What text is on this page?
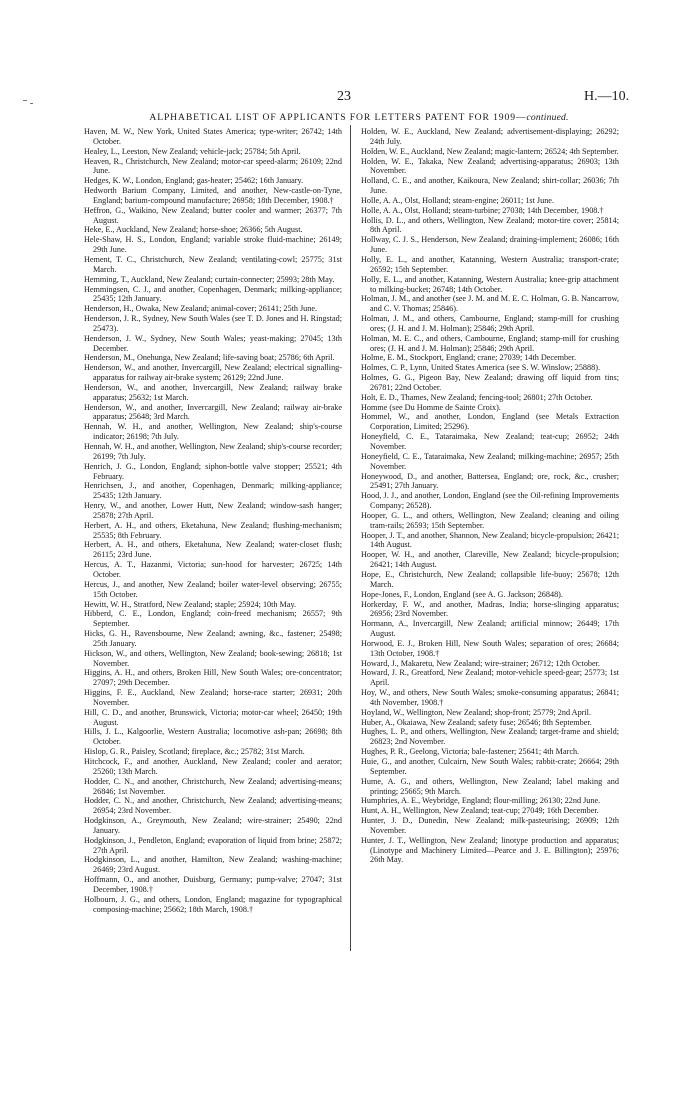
23	H.—10.
ALPHABETICAL LIST OF APPLICANTS FOR LETTERS PATENT FOR 1909—continued.

Haven, M. W., New York, United States America; type-writer; 26742; 14th October.

Healey, L., Leeston, New Zealand; vehicle-jack; 25784; 5th April.

Heaven, R., Christchurch, New Zealand; motor-car speed-alarm; 26109; 22nd June.

Hedges, K. W., London, England; gas-heater; 25462; 16th January.

Hedworth Barium Company, Limited, and another, New-castle-on-Tyne, England; barium-compound manufacture; 26958; 18th December, 1908.†

Heffron, G., Waikino, New Zealand; butter cooler and warmer; 26377; 7th August.

Heke, E., Auckland, New Zealand; horse-shoe; 26366; 5th August.

Hele-Shaw, H. S., London, England; variable stroke fluid-machine; 26149; 29th June.

Hement, T. C., Christchurch, New Zealand; ventilating-cowl; 25775; 31st March.

Hemming, T., Auckland, New Zealand; curtain-connecter; 25993; 28th May.

Hemmingsen, C. J., and another, Copenhagen, Denmark; milking-appliance; 25435; 12th January.

Henderson, H., Owaka, New Zealand; animal-cover; 26141; 25th June.

Henderson, J. R., Sydney, New South Wales (see T. D. Jones and H. Ringstad; 25473).

Henderson, J. W., Sydney, New South Wales; yeast-making; 27045; 13th December.

Henderson, M., Onehunga, New Zealand; life-saving boat; 25786; 6th April.

Henderson, W., and another, Invercargill, New Zealand; electrical signalling-apparatus for railway air-brake system; 26129; 22nd June.

Henderson, W., and another, Invercargill, New Zealand; railway brake apparatus; 25632; 1st March.

Henderson, W., and another, Invercargill, New Zealand; railway air-brake apparatus; 25648; 3rd March.

Hennah, W. H., and another, Wellington, New Zealand; ship's-course indicator; 26198; 7th July.

Hennah, W. H., and another, Wellington, New Zealand; ship's-course recorder; 26199; 7th July.

Henrich, J. G., London, England; siphon-bottle valve stopper; 25521; 4th February.

Henrichsen, J., and another, Copenhagen, Denmark; milking-appliance; 25435; 12th January.

Henry, W., and another, Lower Hutt, New Zealand; window-sash hanger; 25878; 27th April.

Herbert, A. H., and others, Eketahuna, New Zealand; flushing-mechanism; 25535; 8th February.

Herbert, A. H., and others, Eketahuna, New Zealand; water-closet flush; 26115; 23rd June.

Hercus, A. T., Hazanmi, Victoria; sun-hood for harvester; 26725; 14th October.

Hercus, J., and another, New Zealand; boiler water-level observing; 26755; 15th October.

Hewitt, W. H., Stratford, New Zealand; staple; 25924; 10th May.

Hibberd, C. E., London, England; coin-freed mechanism; 26557; 9th September.

Hicks, G. H., Ravensbourne, New Zealand; awning, &c., fastener; 25498; 25th January.

Hickson, W., and others, Wellington, New Zealand; book-sewing; 26818; 1st November.

Higgins, A. H., and others, Broken Hill, New South Wales; ore-concentrator; 27097; 29th December.

Higgins, F. E., Auckland, New Zealand; horse-race starter; 26931; 20th November.

Hill, C. D., and another, Brunswick, Victoria; motor-car wheel; 26450; 19th August.

Hills, J. L., Kalgoorlie, Western Australia; locomotive ash-pan; 26698; 8th October.

Hislop, G. R., Paisley, Scotland; fireplace, &c.; 25782; 31st March.

Hitchcock, F., and another, Auckland, New Zealand; cooler and aerator; 25260; 13th March.

Hodder, C. N., and another, Christchurch, New Zealand; advertising-means; 26846; 1st November.

Hodder, C. N., and another, Christchurch, New Zealand; advertising-means; 26954; 23rd November.

Hodgkinson, A., Greymouth, New Zealand; wire-strainer; 25490; 22nd January.

Hodgkinson, J., Pendleton, England; evaporation of liquid from brine; 25872; 27th April.

Hodgkinson, L., and another, Hamilton, New Zealand; washing-machine; 26469; 23rd August.

Hoffmann, O., and another, Duisburg, Germany; pump-valve; 27047; 31st December, 1908.†

Holbourn, J. G., and others, London, England; magazine for typographical composing-machine; 25662; 18th March, 1908.†

Holden, W. E., Auckland, New Zealand; advertisement-displaying; 26292; 24th July.

Holden, W. E., Auckland, New Zealand; magic-lantern; 26524; 4th September.

Holden, W. E., Takaka, New Zealand; advertising-apparatus; 26903; 13th November.

Holland, C. E., and another, Kaikoura, New Zealand; shirt-collar; 26036; 7th June.

Holle, A. A., Olst, Holland; steam-engine; 26011; 1st June.

Holle, A. A., Olst, Holland; steam-turbine; 27038; 14th December, 1908.†

Hollis, D. L., and others, Wellington, New Zealand; motor-tire cover; 25814; 8th April.

Hollway, C. J. S., Henderson, New Zealand; draining-implement; 26086; 16th June.

Holly, E. L., and another, Katanning, Western Australia; transport-crate; 26592; 15th September.

Holly, E. L., and another, Katanning, Western Australia; knee-grip attachment to milking-bucket; 26748; 14th October.

Holman, J. M., and another (see J. M. and M. E. C. Holman, G. B. Nancarrow, and C. V. Thomas; 25846).

Holman, J. M., and others, Cambourne, England; stamp-mill for crushing ores; (J. H. and J. M. Holman); 25846; 29th April.

Holman, M. E. C., and others, Cambourne, England; stamp-mill for crushing ores; (J. H. and J. M. Holman); 25846; 29th April.

Holme, E. M., Stockport, England; crane; 27039; 14th December.

Holmes, C. P., Lynn, United States America (see S. W. Winslow; 25888).

Holmes, G. G., Pigeon Bay, New Zealand; drawing off liquid from tins; 26781; 22nd October.

Holt, E. D., Thames, New Zealand; fencing-tool; 26801; 27th October.

Homme (see Du Homme de Sainte Croix).

Hommel, W., and another, London, England (see Metals Extraction Corporation, Limited; 25296).

Honeyfield, C. E., Tataraimaka, New Zealand; teat-cup; 26952; 24th November.

Honeyfield, C. E., Tataraimaka, New Zealand; milking-machine; 26957; 25th November.

Honeywood, D., and another, Battersea, England; ore, rock, &c., crusher; 25491; 27th January.

Hood, J. J., and another, London, England (see the Oil-refining Improvements Company; 26528).

Hooper, G. L., and others, Wellington, New Zealand; cleaning and oiling tram-rails; 26593; 15th September.

Hooper, J. T., and another, Shannon, New Zealand; bicycle-propulsion; 26421; 14th August.

Hooper, W. H., and another, Clareville, New Zealand; bicycle-propulsion; 26421; 14th August.

Hope, E., Christchurch, New Zealand; collapsible life-buoy; 25678; 12th March.

Hope-Jones, F., London, England (see A. G. Jackson; 26848).

Horkerday, F. W., and another, Madras, India; horse-slinging apparatus; 26956; 23rd November.

Hormann, A., Invercargill, New Zealand; artificial minnow; 26449; 17th August.

Horwood, E. J., Broken Hill, New South Wales; separation of ores; 26684; 13th October, 1908.†

Howard, J., Makaretu, New Zealand; wire-strainer; 26712; 12th October.

Howard, J. R., Greatford, New Zealand; motor-vehicle speed-gear; 25773; 1st April.

Hoy, W., and others, New South Wales; smoke-consuming apparatus; 26841; 4th November, 1908.†

Hoyland, W., Wellington, New Zealand; shop-front; 25779; 2nd April.

Huber, A., Okaiawa, New Zealand; safety fuse; 26546; 8th September.

Hughes, L. P., and others, Wellington, New Zealand; target-frame and shield; 26823; 2nd November.

Hughes, P. R., Geelong, Victoria; bale-fastener; 25641; 4th March.

Huie, G., and another, Culcairn, New South Wales; rabbit-crate; 26664; 29th September.

Hume, A. G., and others, Wellington, New Zealand; label making and printing; 25665; 9th March.

Humphries, A. E., Weybridge, England; flour-milling; 26130; 22nd June.

Hunt, A. H., Wellington, New Zealand; teat-cup; 27049; 16th December.

Hunter, J. D., Dunedin, New Zealand; milk-pasteurising; 26909; 12th November.

Hunter, J. T., Wellington, New Zealand; linotype production and apparatus; (Linotype and Machinery Limited—Pearce and J. E. Billington); 25976; 26th May.
